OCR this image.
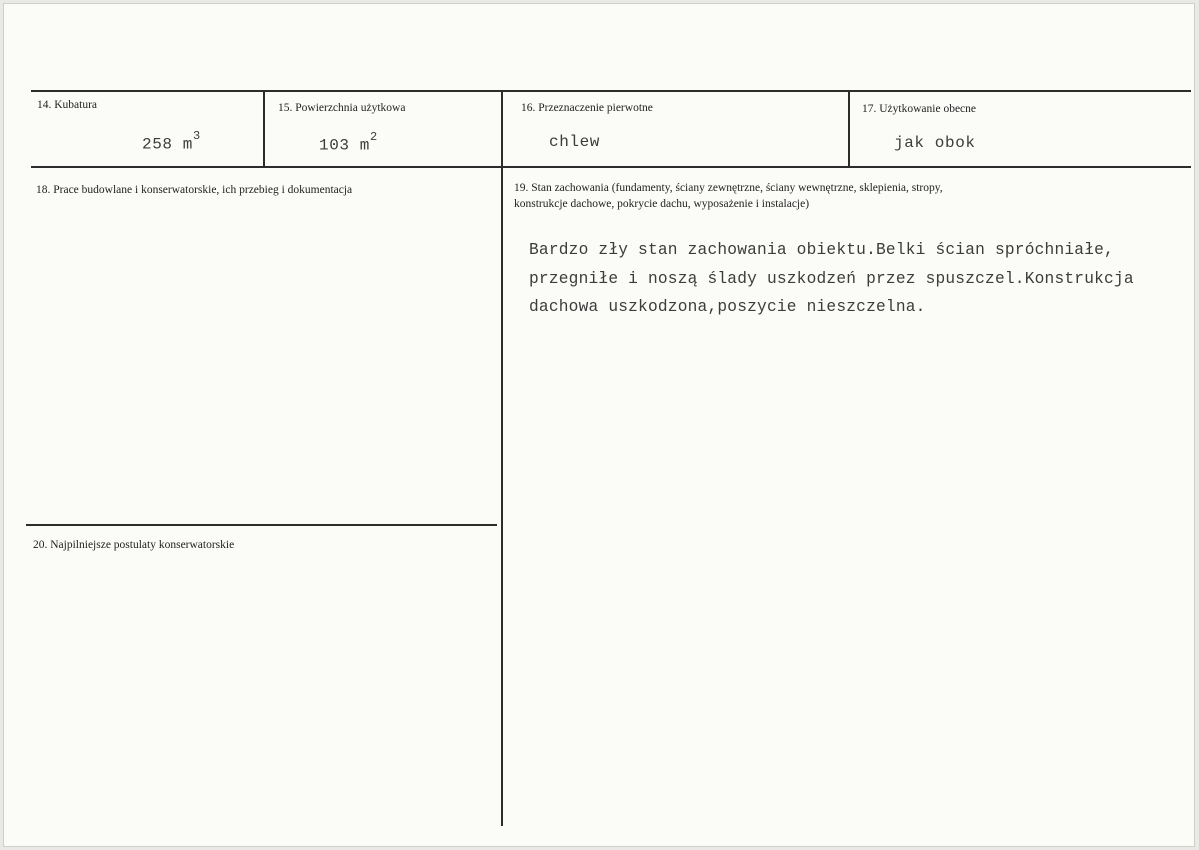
14. Kubatura
258 $m^3$
15. Powierzchnia użytkowa
103 $m^2$
16. Przeznaczenie pierwotne
chlew
17. Użytkowanie obecne
jak obok
18. Prace budowlane i konserwatorskie, ich przebieg i dokumentacja	19. Stan zachowania (fundamenty, ściany zewnętrzne, ściany wewnętrzne, sklepienia, stropy,
konstrukcje dachowe, pokrycie dachu, wyposażenie i instalacje)
Bardzo zły stan zachowania obiektu.Belki ścian spróchniałe,
przegniłe i noszą ślady uszkodzeń przez spuszczel.Konstrukcja
dachowa uszkodzona,poszycie nieszczelna.
20. Najpilniejsze postulaty konserwatorskie
